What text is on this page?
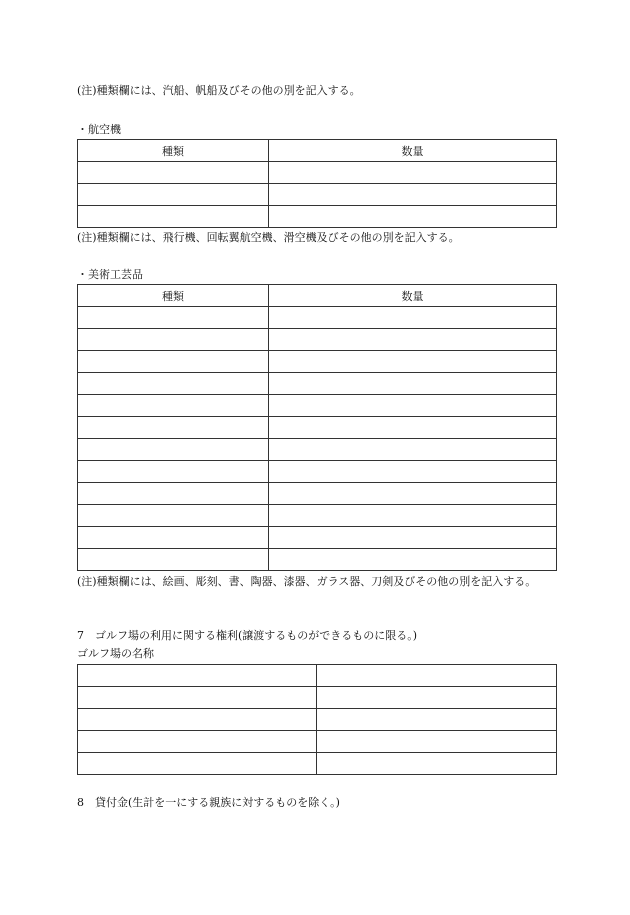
(注)種類欄には、汽船、帆船及びその他の別を記入する。
・航空機
種類	数量

(注)種類欄には、飛行機、回転翼航空機、滑空機及びその他の別を記入する。
・美術工芸品
種類	数量

(注)種類欄には、絵画、彫刻、書、陶器、漆器、ガラス器、刀剣及びその他の別を記入する。
7　ゴルフ場の利用に関する権利(譲渡するものができるものに限る。)
ゴルフ場の名称

8　貸付金(生計を一にする親族に対するものを除く。)
